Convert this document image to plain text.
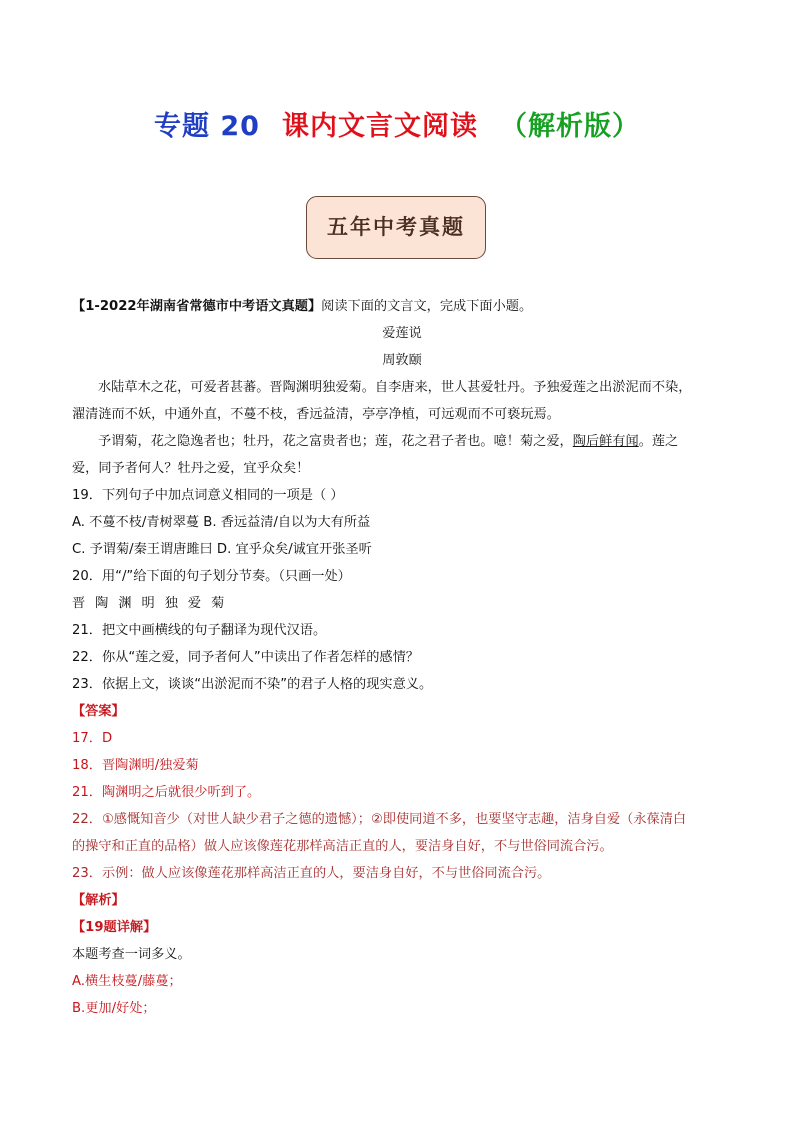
专题 20 课内文言文阅读 （解析版）
五年中考真题
【1-2022年湖南省常德市中考语文真题】阅读下面的文言文，完成下面小题。
爱莲说
周敦颐
水陆草木之花，可爱者甚蕃。晋陶渊明独爱菊。自李唐来，世人甚爱牡丹。予独爱莲之出淤泥而不染，
濯清涟而不妖，中通外直，不蔓不枝，香远益清，亭亭净植，可远观而不可亵玩焉。
予谓菊，花之隐逸者也；牡丹，花之富贵者也；莲，花之君子者也。噫！菊之爱，陶后鲜有闻。莲之
爱，同予者何人？牡丹之爱，宜乎众矣！
19．下列句子中加点词意义相同的一项是（ ）
A. 不蔓不枝/青树翠蔓 B. 香远益清/自以为大有所益
C. 予谓菊/秦王谓唐雎曰 D. 宜乎众矣/诚宜开张圣听
20．用“/”给下面的句子划分节奏。（只画一处）
晋陶渊明独爱菊
21．把文中画横线的句子翻译为现代汉语。
22．你从“莲之爱，同予者何人”中读出了作者怎样的感情？
23．依据上文，谈谈“出淤泥而不染”的君子人格的现实意义。
【答案】
17．D
18．晋陶渊明/独爱菊
21．陶渊明之后就很少听到了。
22．①感慨知音少（对世人缺少君子之德的遗憾）；②即使同道不多，也要坚守志趣，洁身自爱（永葆清白
的操守和正直的品格）做人应该像莲花那样高洁正直的人，要洁身自好，不与世俗同流合污。
23．示例：做人应该像莲花那样高洁正直的人，要洁身自好，不与世俗同流合污。
【解析】
【19题详解】
本题考查一词多义。
A.横生枝蔓/藤蔓；
B.更加/好处；
